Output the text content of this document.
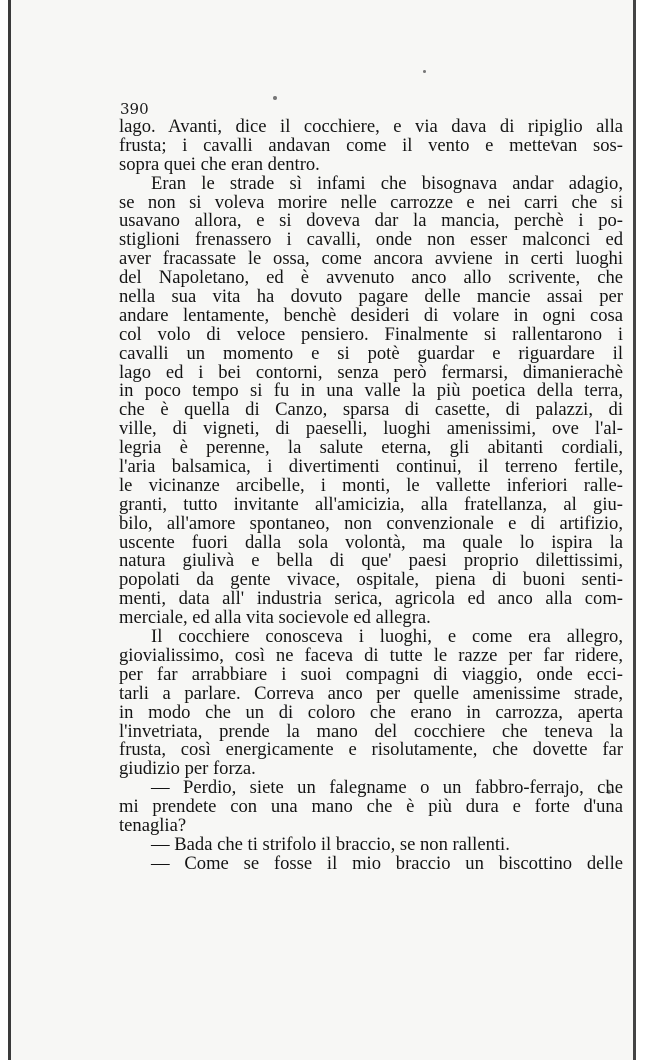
390
lago. Avanti, dice il cocchiere, e via dava di ripiglio alla
frusta; i cavalli andavan come il vento e mettevan sos-
sopra quei che eran dentro.
Eran le strade sì infami che bisognava andar adagio,
se non si voleva morire nelle carrozze e nei carri che si
usavano allora, e si doveva dar la mancia, perchè i po-
stiglioni frenassero i cavalli, onde non esser malconci ed
aver fracassate le ossa, come ancora avviene in certi luoghi
del Napoletano, ed è avvenuto anco allo scrivente, che
nella sua vita ha dovuto pagare delle mancie assai per
andare lentamente, benchè desideri di volare in ogni cosa
col volo di veloce pensiero. Finalmente si rallentarono i
cavalli un momento e si potè guardar e riguardare il
lago ed i bei contorni, senza però fermarsi, dimanierachè
in poco tempo si fu in una valle la più poetica della terra,
che è quella di Canzo, sparsa di casette, di palazzi, di
ville, di vigneti, di paeselli, luoghi amenissimi, ove l'al-
legria è perenne, la salute eterna, gli abitanti cordiali,
l'aria balsamica, i divertimenti continui, il terreno fertile,
le vicinanze arcibelle, i monti, le vallette inferiori ralle-
granti, tutto invitante all'amicizia, alla fratellanza, al giu-
bilo, all'amore spontaneo, non convenzionale e di artifizio,
uscente fuori dalla sola volontà, ma quale lo ispira la
natura giulivà e bella di que' paesi proprio dilettissimi,
popolati da gente vivace, ospitale, piena di buoni senti-
menti, data all' industria serica, agricola ed anco alla com-
merciale, ed alla vita socievole ed allegra.
Il cocchiere conosceva i luoghi, e come era allegro,
giovialissimo, così ne faceva di tutte le razze per far ridere,
per far arrabbiare i suoi compagni di viaggio, onde ecci-
tarli a parlare. Correva anco per quelle amenissime strade,
in modo che un di coloro che erano in carrozza, aperta
l'invetriata, prende la mano del cocchiere che teneva la
frusta, così energicamente e risolutamente, che dovette far
giudizio per forza.
— Perdio, siete un falegname o un fabbro-ferrajo, che
mi prendete con una mano che è più dura e forte d'una
tenaglia?
— Bada che ti strifolo il braccio, se non rallenti.
— Come se fosse il mio braccio un biscottino delle
